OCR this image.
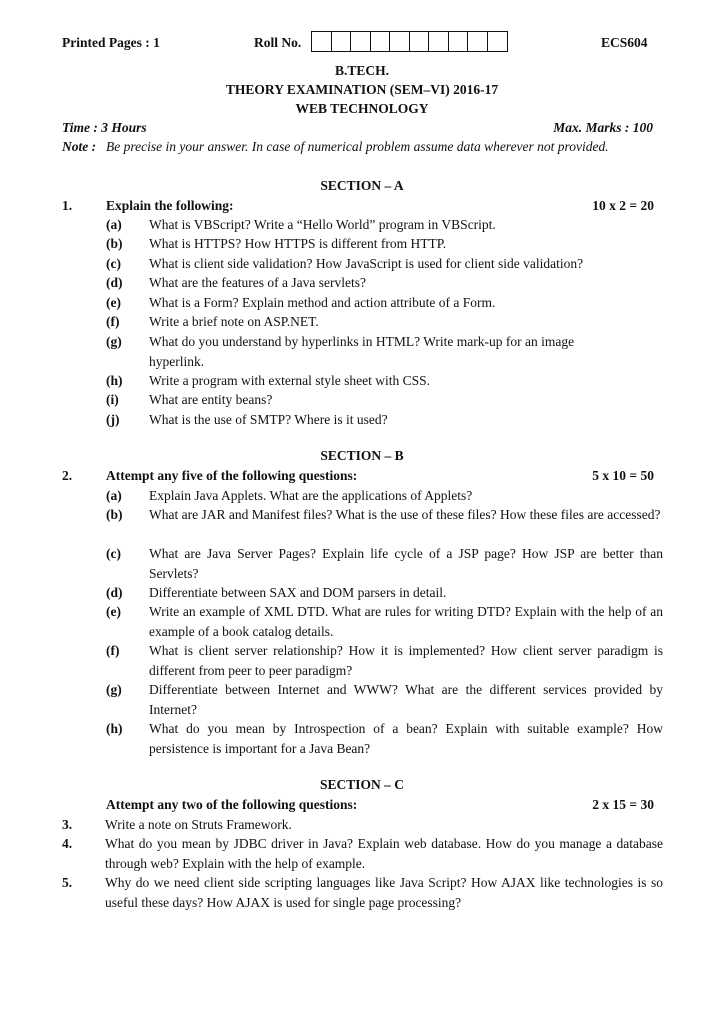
Printed Pages : 1	Roll No.	ECS604
B.TECH.
THEORY EXAMINATION (SEM–VI) 2016-17
WEB TECHNOLOGY
Time : 3 Hours	Max. Marks : 100
Note : Be precise in your answer. In case of numerical problem assume data wherever not provided.
SECTION – A
1.	Explain the following:	10 x 2 = 20
(a) What is VBScript? Write a “Hello World” program in VBScript.
(b) What is HTTPS? How HTTPS is different from HTTP.
(c) What is client side validation? How JavaScript is used for client side validation?
(d) What are the features of a Java servlets?
(e) What is a Form? Explain method and action attribute of a Form.
(f) Write a brief note on ASP.NET.
(g) What do you understand by hyperlinks in HTML? Write mark-up for an image hyperlink.
(h) Write a program with external style sheet with CSS.
(i) What are entity beans?
(j) What is the use of SMTP? Where is it used?
SECTION – B
2.	Attempt any five of the following questions:	5 x 10 = 50
(a) Explain Java Applets. What are the applications of Applets?
(b) What are JAR and Manifest files? What is the use of these files? How these files are accessed?
(c) What are Java Server Pages? Explain life cycle of a JSP page? How JSP are better than Servlets?
(d) Differentiate between SAX and DOM parsers in detail.
(e) Write an example of XML DTD. What are rules for writing DTD? Explain with the help of an example of a book catalog details.
(f) What is client server relationship? How it is implemented? How client server paradigm is different from peer to peer paradigm?
(g) Differentiate between Internet and WWW? What are the different services provided by Internet?
(h) What do you mean by Introspection of a bean? Explain with suitable example? How persistence is important for a Java Bean?
SECTION – C
Attempt any two of the following questions:	2 x 15 = 30
3. Write a note on Struts Framework.
4. What do you mean by JDBC driver in Java? Explain web database. How do you manage a database through web? Explain with the help of example.
5. Why do we need client side scripting languages like Java Script? How AJAX like technologies is so useful these days? How AJAX is used for single page processing?
